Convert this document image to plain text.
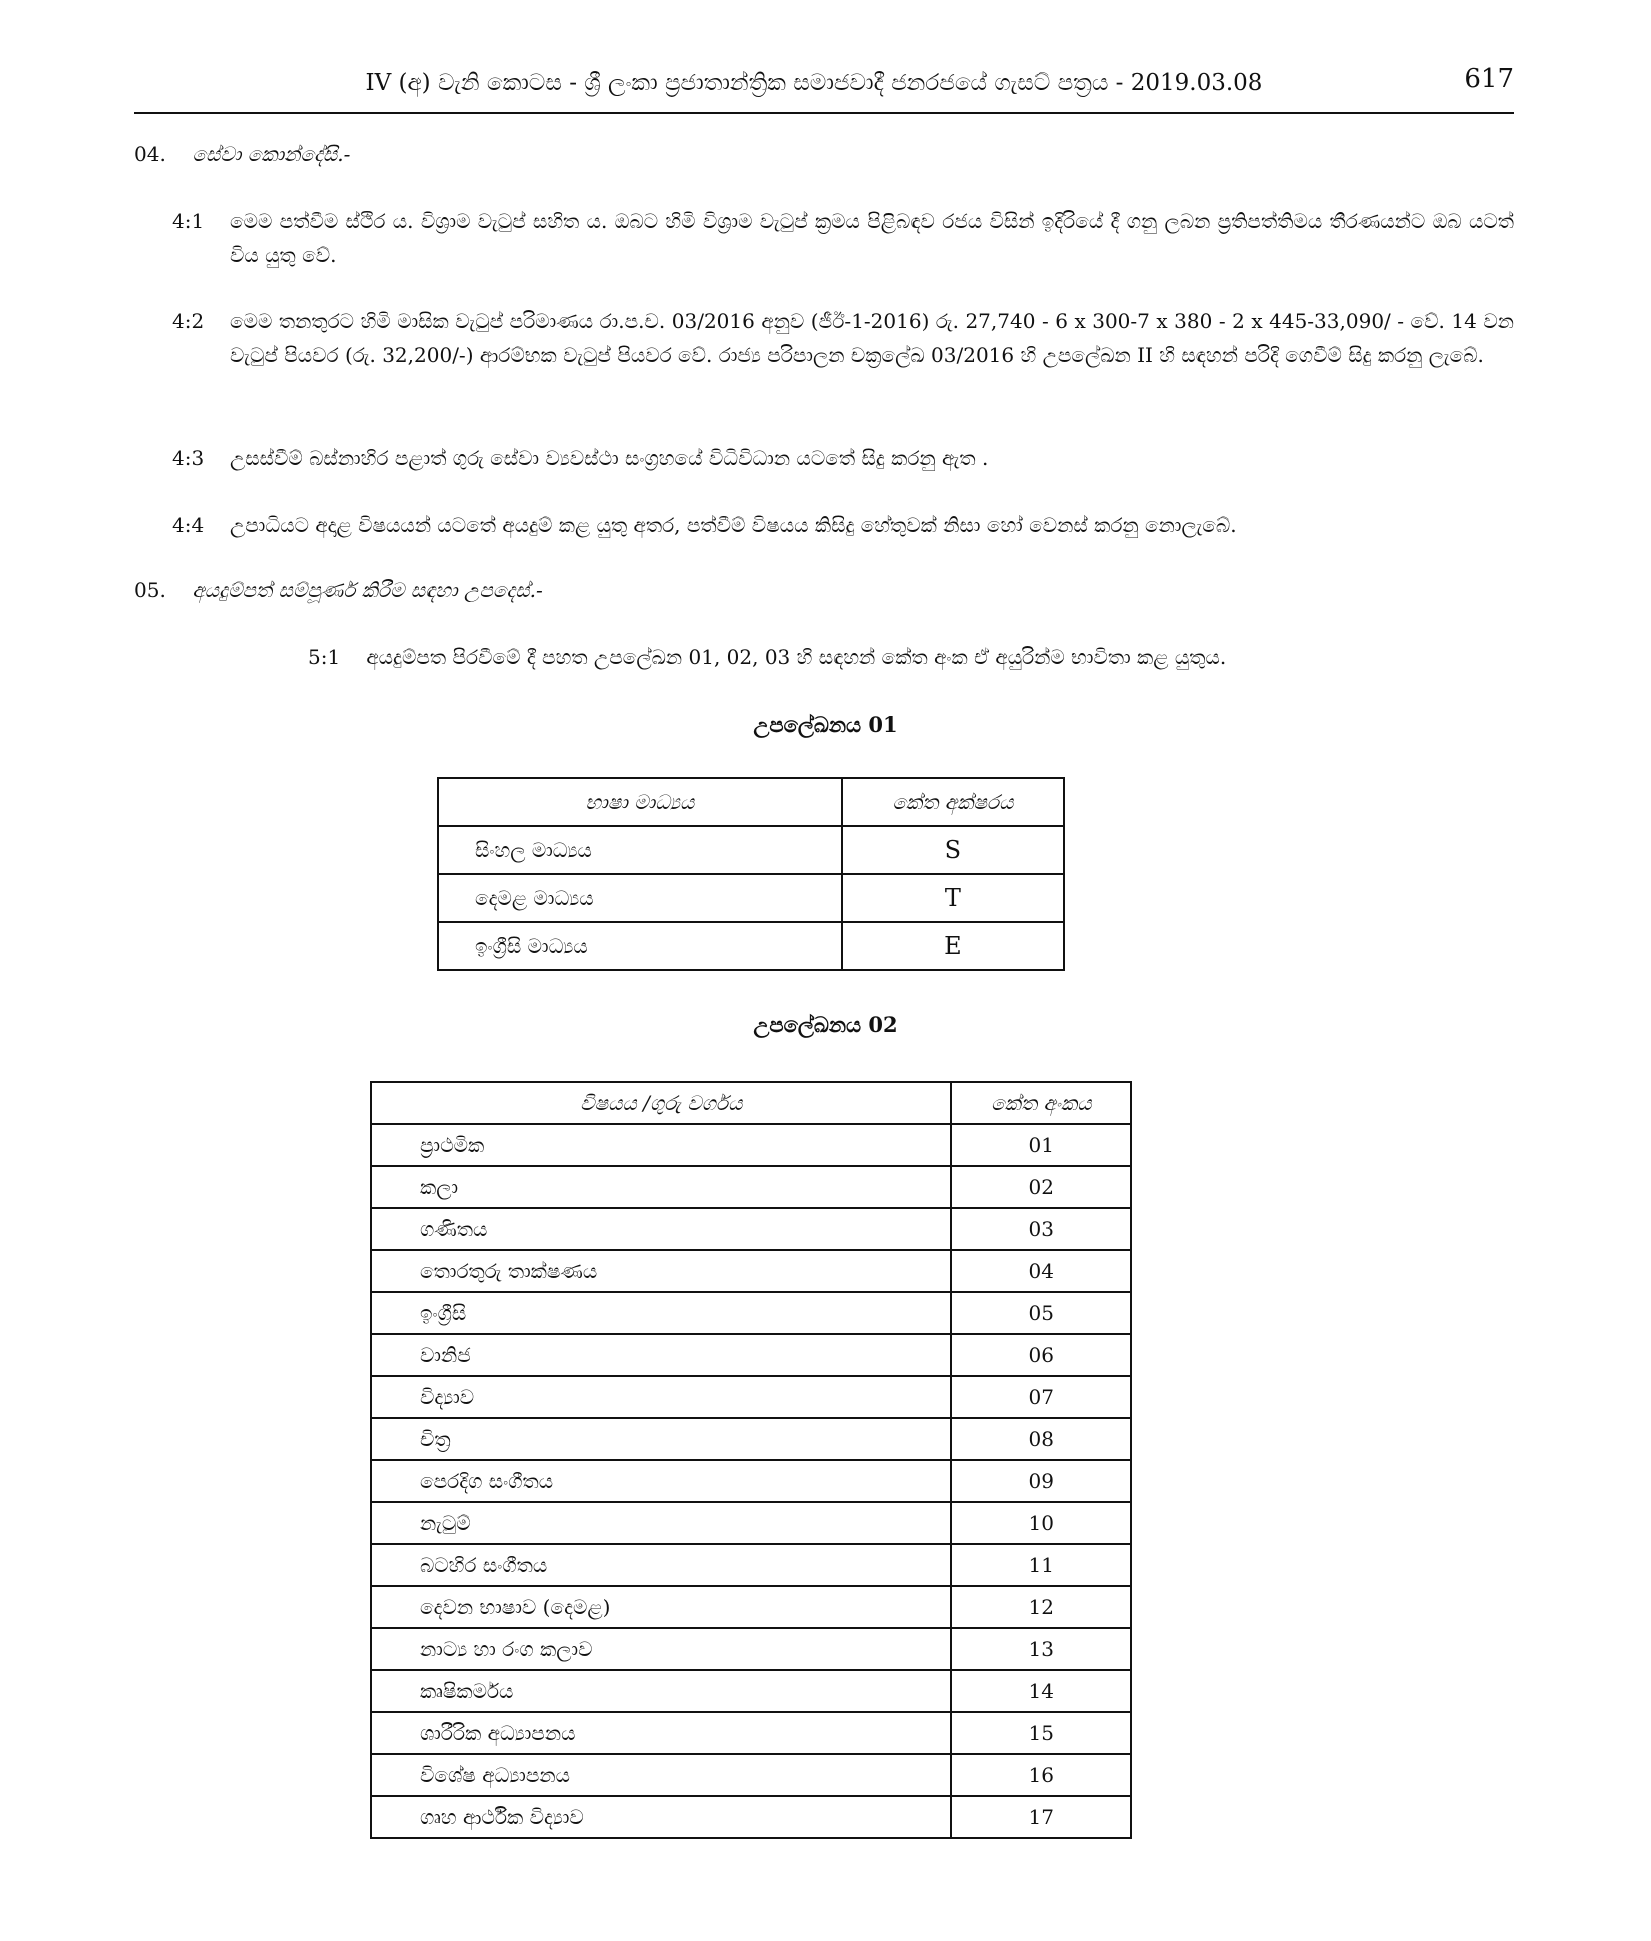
IV (අ) වැනි කොටස - ශ්‍රී ලංකා ප්‍රජාතාන්ත්‍රික සමාජවාදී ජනරජයේ ගැසට් පත්‍රය - 2019.03.08	617
04. සේවා කොන්දේසි.-
4:1	මෙම පත්වීම ස්ථිර ය. විශ්‍රාම වැටුප් සහිත ය. ඔබට හිමි විශ්‍රාම වැටුප් ක්‍රමය පිළිබඳව රජය විසින් ඉදිරියේ දී ගනු ලබන ප්‍රතිපත්තිමය තීරණයන්ට ඔබ යටත් විය යුතු වේ.
4:2	මෙම තනතුරට හිමි මාසික වැටුප් පරිමාණය රා.ප.ච. 03/2016 අනුව (ජීඊ-1-2016) රු. 27,740 - 6 x 300-7 x 380 - 2 x 445-33,090/ - වේ. 14 වන වැටුප් පියවර (රු. 32,200/-) ආරම්භක වැටුප් පියවර වේ. රාජ්‍ය පරිපාලන චක්‍රලේඛ 03/2016 හි උපලේඛන II හි සඳහන් පරිදි ගෙවීම් සිදු කරනු ලැබේ.
4:3	උසස්වීම් බස්නාහිර පළාත් ගුරු සේවා ව්‍යවස්ථා සංග්‍රහයේ විධිවිධාන යටතේ සිදු කරනු ඇත .
4:4	උපාධියට අදාළ විෂයයන් යටතේ අයදුම් කළ යුතු අතර, පත්වීම් විෂයය කිසිදු හේතුවක් නිසා හෝ වෙනස් කරනු නොලැබේ.
05. අයදුම්පත් සම්පූර්ණ කිරීම සඳහා උපදෙස්.-
5:1 අයදුම්පත පිරවීමේ දී පහත උපලේඛන 01, 02, 03 හි සඳහන් කේත අංක ඒ අයුරින්ම භාවිතා කළ යුතුය.
උපලේඛනය 01
භාෂා මාධ්‍යය	කේත අක්ෂරය
සිංහල මාධ්‍යය	S
දෙමළ මාධ්‍යය	T
ඉංග්‍රීසි මාධ්‍යය	E
උපලේඛනය 02
විෂයය /ගුරු වර්ගය	කේත අංකය
ප්‍රාථමික	01
කලා	02
ගණිතය	03
තොරතුරු තාක්ෂණය	04
ඉංග්‍රීසි	05
වානිජ	06
විද්‍යාව	07
චිත්‍ර	08
පෙරදිග සංගීතය	09
නැටුම්	10
බටහිර සංගීතය	11
දෙවන භාෂාව (දෙමළ)	12
නාට්‍ය හා රංග කලාව	13
කෘෂිකර්මය	14
ශාරීරික අධ්‍යාපනය	15
විශේෂ අධ්‍යාපනය	16
ගෘහ ආර්ථික විද්‍යාව	17
